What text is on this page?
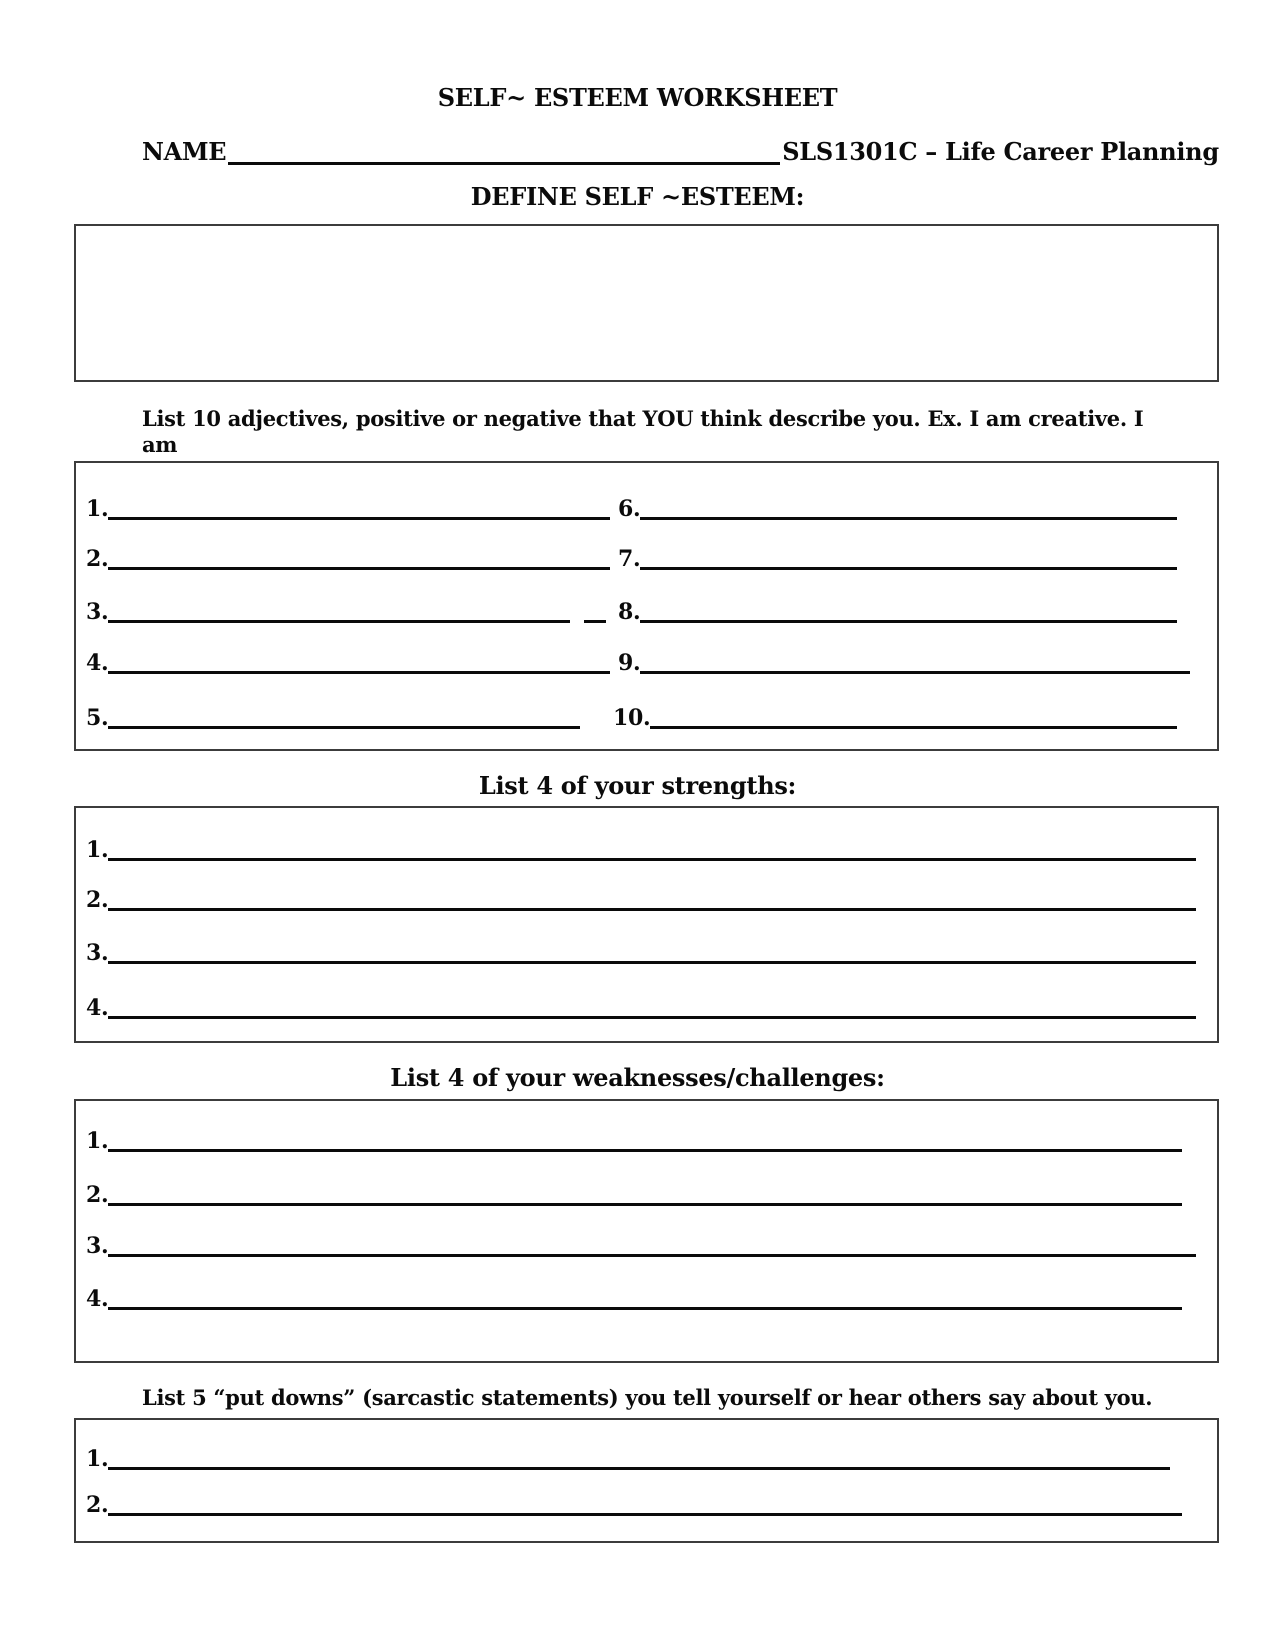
SELF~ ESTEEM WORKSHEET
NAME	SLS1301C – Life Career Planning
DEFINE SELF ~ESTEEM:
List 10 adjectives, positive or negative that YOU think describe you. Ex. I am creative. I am
1.
2.
3.
4.
5.
6.
7.
8.
9.
10.
List 4 of your strengths:
1.
2.
3.
4.
List 4 of your weaknesses/challenges:
1.
2.
3.
4.
List 5 “put downs” (sarcastic statements) you tell yourself or hear others say about you.
1.
2.
